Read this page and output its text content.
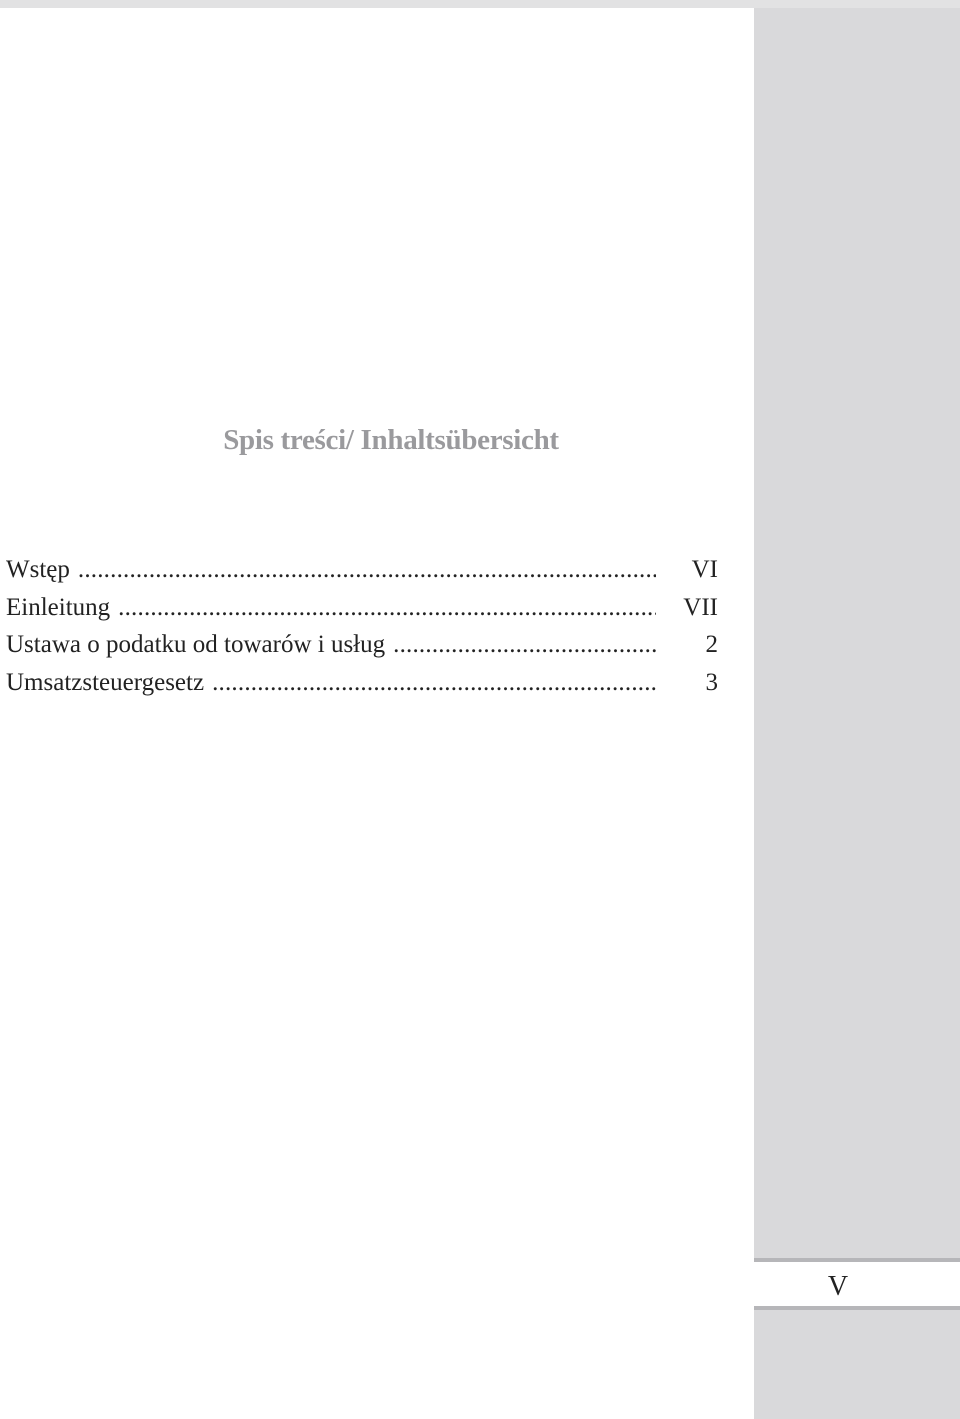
Spis treści/ Inhaltsübersicht
Wstęp .....	VI
Einleitung .....	VII
Ustawa o podatku od towarów i usług .....	2
Umsatzsteuergesetz .....	3
V
